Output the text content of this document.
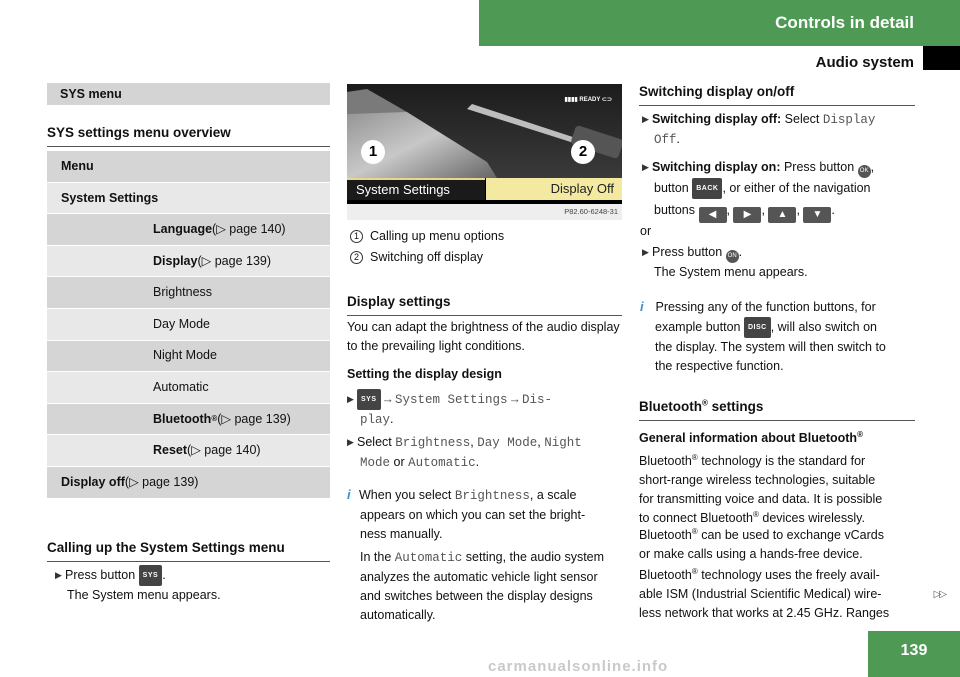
Controls in detail
Audio system
SYS menu
SYS settings menu overview
Menu
System Settings
Language (▷ page 140)
Display (▷ page 139)
Brightness
Day Mode
Night Mode
Automatic
Bluetooth ® (▷ page 139)
Reset (▷ page 140)
Display off (▷ page 139)
Calling up the System Settings menu
▶ Press button SYS .
The System menu appears.
▮▮▮▮ READY ⊂⊃
1	2
System Settings	Display Off
P82.60-6248-31
1 Calling up menu options
2 Switching off display
Display settings
You can adapt the brightness of the audio display to the prevailing light conditions.
Setting the display design
▶ SYS → System Settings → Dis-
play.
▶ Select Brightness, Day Mode, Night
Mode or Automatic.
i When you select Brightness, a scale
appears on which you can set the bright-
ness manually.
In the Automatic setting, the audio system
analyzes the automatic vehicle light sensor
and switches between the display designs
automatically.
Switching display on/off
▶ Switching display off: Select Display
Off.
▶ Switching display on: Press button OK ,
button BACK , or either of the navigation
buttons ◀ , ▶ , ▲ , ▼ .
or
▶ Press button ON .
The System menu appears.
i Pressing any of the function buttons, for
example button DISC , will also switch on
the display. The system will then switch to
the respective function.
Bluetooth® settings
General information about Bluetooth®
Bluetooth® technology is the standard for
short-range wireless technologies, suitable
for transmitting voice and data. It is possible
to connect Bluetooth® devices wirelessly.
Bluetooth® can be used to exchange vCards
or make calls using a hands-free device.
Bluetooth® technology uses the freely avail-
able ISM (Industrial Scientific Medical) wire-
less network that works at 2.45 GHz. Ranges
▷▷
139
carmanualsonline.info
